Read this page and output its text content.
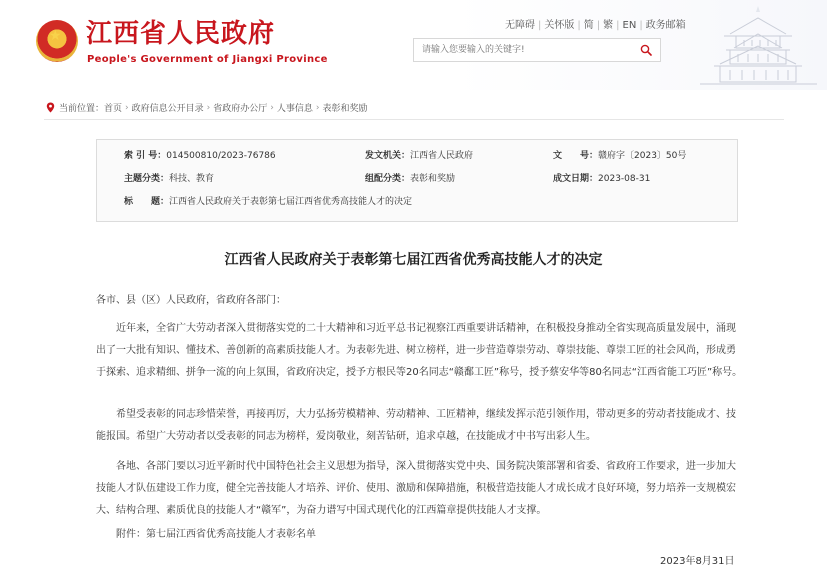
★ 江西省人民政府
People's Government of Jiangxi Province
无障碍 | 关怀版 | 简 | 繁 | EN | 政务邮箱
请输入您要输入的关键字!
当前位置： 首页 › 政府信息公开目录 › 省政府办公厅 › 人事信息 › 表彰和奖励
索 引 号：014500810/2023-76786	发文机关：江西省人民政府	文　　号：赣府字〔2023〕50号
主题分类：科技、教育	组配分类：表彰和奖励	成文日期：2023-08-31
标　　题：江西省人民政府关于表彰第七届江西省优秀高技能人才的决定
江西省人民政府关于表彰第七届江西省优秀高技能人才的决定
各市、县（区）人民政府，省政府各部门：
近年来，全省广大劳动者深入贯彻落实党的二十大精神和习近平总书记视察江西重要讲话精神，在积极投身推动全省实现高质量发展中，涌现出了一大批有知识、懂技术、善创新的高素质技能人才。为表彰先进、树立榜样，进一步营造尊崇劳动、尊崇技能、尊崇工匠的社会风尚，形成勇于探索、追求精细、拼争一流的向上氛围，省政府决定，授予方根民等20名同志“赣鄱工匠”称号，授予蔡安华等80名同志“江西省能工巧匠”称号。
希望受表彰的同志珍惜荣誉，再接再厉，大力弘扬劳模精神、劳动精神、工匠精神，继续发挥示范引领作用，带动更多的劳动者技能成才、技能报国。希望广大劳动者以受表彰的同志为榜样，爱岗敬业，刻苦钻研，追求卓越，在技能成才中书写出彩人生。
各地、各部门要以习近平新时代中国特色社会主义思想为指导，深入贯彻落实党中央、国务院决策部署和省委、省政府工作要求，进一步加大技能人才队伍建设工作力度，健全完善技能人才培养、评价、使用、激励和保障措施，积极营造技能人才成长成才良好环境，努力培养一支规模宏大、结构合理、素质优良的技能人才“赣军”，为奋力谱写中国式现代化的江西篇章提供技能人才支撑。
附件：第七届江西省优秀高技能人才表彰名单
2023年8月31日
